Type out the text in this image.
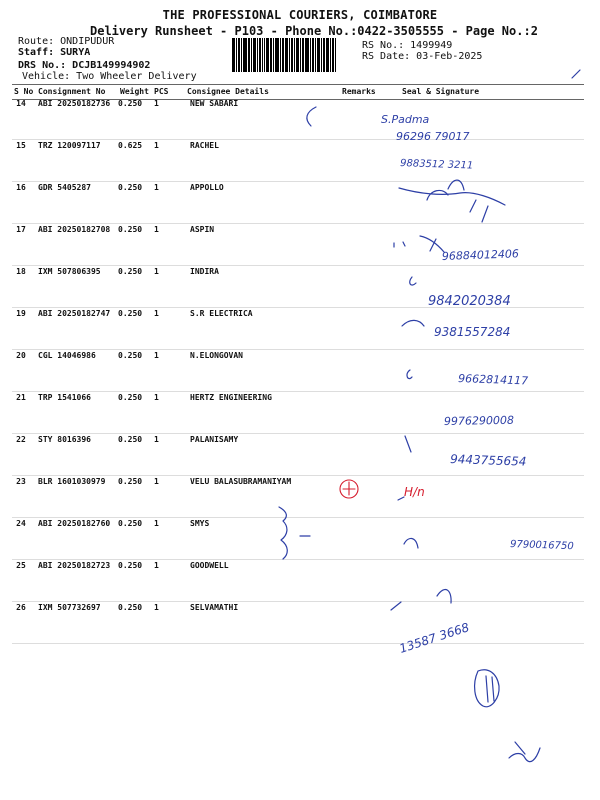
THE PROFESSIONAL COURIERS, COIMBATORE
Delivery Runsheet - P103 - Phone No.:0422-3505555 - Page No.:2
Route: ONDIPUDUR
Staff: SURYA
DRS No.: DCJB149994902
Vehicle: Two Wheeler Delivery
RS No.: 1499949
RS Date: 03-Feb-2025
S No Consignment No Weight PCS Consignee Details	Remarks	Seal & Signature
14	ABI 20250182736 0.250 1	NEW SABARI
15	TRZ 120097117 0.625 1	RACHEL
16	GDR 5405287	0.250 1	APPOLLO
17	ABI 20250182708 0.250 1	ASPIN
18	IXM 507806395 0.250 1	INDIRA
19	ABI 20250182747 0.250 1	S.R ELECTRICA
20	CGL 14046986	0.250 1	N.ELONGOVAN
21	TRP 1541066	0.250 1	HERTZ ENGINEERING
22	STY 8016396	0.250 1	PALANISAMY
23	BLR 1601030979 0.250 1	VELU BALASUBRAMANIYAM
24	ABI 20250182760 0.250 1	SMYS
25	ABI 20250182723 0.250 1	GOODWELL
26	IXM 507732697 0.250 1	SELVAMATHI
S.Padma
96296 79017
9883512 3211
96884012406
9842020384
9381557284
9662814117
9976290008
9443755654
9790016750
13587 3668
H/n
